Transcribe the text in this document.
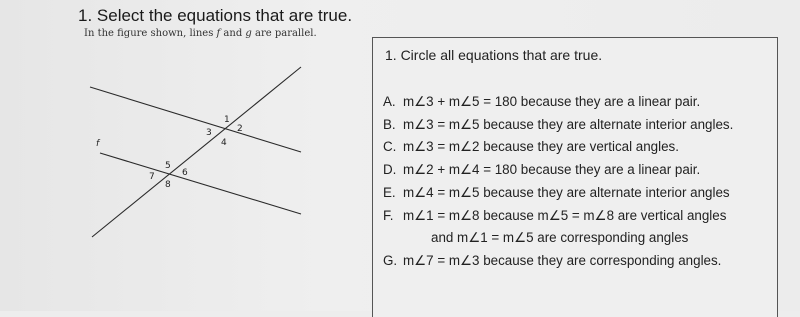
1. Select the equations that are true.
In the figure shown, lines f and g are parallel.
f
1
2
3
4
5
6
7
8
1. Circle all equations that are true.
A. m∠3 + m∠5 = 180 because they are a linear pair.
B. m∠3 = m∠5 because they are alternate interior angles.
C. m∠3 = m∠2 because they are vertical angles.
D. m∠2 + m∠4 = 180 because they are a linear pair.
E. m∠4 = m∠5 because they are alternate interior angles
F. m∠1 = m∠8 because m∠5 = m∠8 are vertical angles
and m∠1 = m∠5 are corresponding angles
G. m∠7 = m∠3 because they are corresponding angles.
